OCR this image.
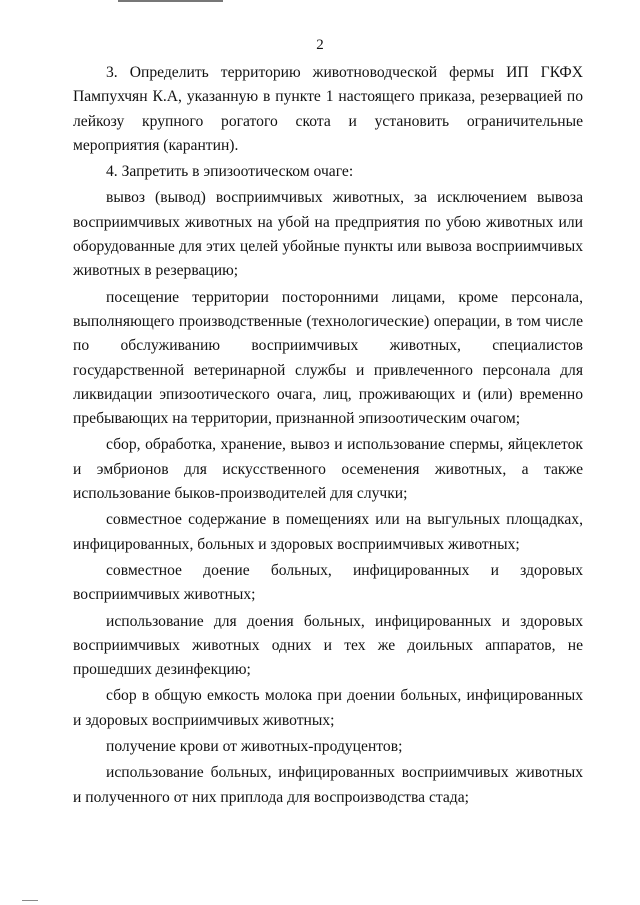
2

3. Определить территорию животноводческой фермы ИП ГКФХ Пампухчян К.А, указанную в пункте 1 настоящего приказа, резервацией по лейкозу крупного рогатого скота и установить ограничительные мероприятия (карантин).

4. Запретить в эпизоотическом очаге:

вывоз (вывод) восприимчивых животных, за исключением вывоза восприимчивых животных на убой на предприятия по убою животных или оборудованные для этих целей убойные пункты или вывоза восприимчивых животных в резервацию;

посещение территории посторонними лицами, кроме персонала, выполняющего производственные (технологические) операции, в том числе по обслуживанию восприимчивых животных, специалистов государственной ветеринарной службы и привлеченного персонала для ликвидации эпизоотического очага, лиц, проживающих и (или) временно пребывающих на территории, признанной эпизоотическим очагом;

сбор, обработка, хранение, вывоз и использование спермы, яйцеклеток и эмбрионов для искусственного осеменения животных, а также использование быков-производителей для случки;

совместное содержание в помещениях или на выгульных площадках, инфицированных, больных и здоровых восприимчивых животных;

совместное доение больных, инфицированных и здоровых восприимчивых животных;

использование для доения больных, инфицированных и здоровых восприимчивых животных одних и тех же доильных аппаратов, не прошедших дезинфекцию;

сбор в общую емкость молока при доении больных, инфицированных и здоровых восприимчивых животных;

получение крови от животных-продуцентов;

использование больных, инфицированных восприимчивых животных и полученного от них приплода для воспроизводства стада;
